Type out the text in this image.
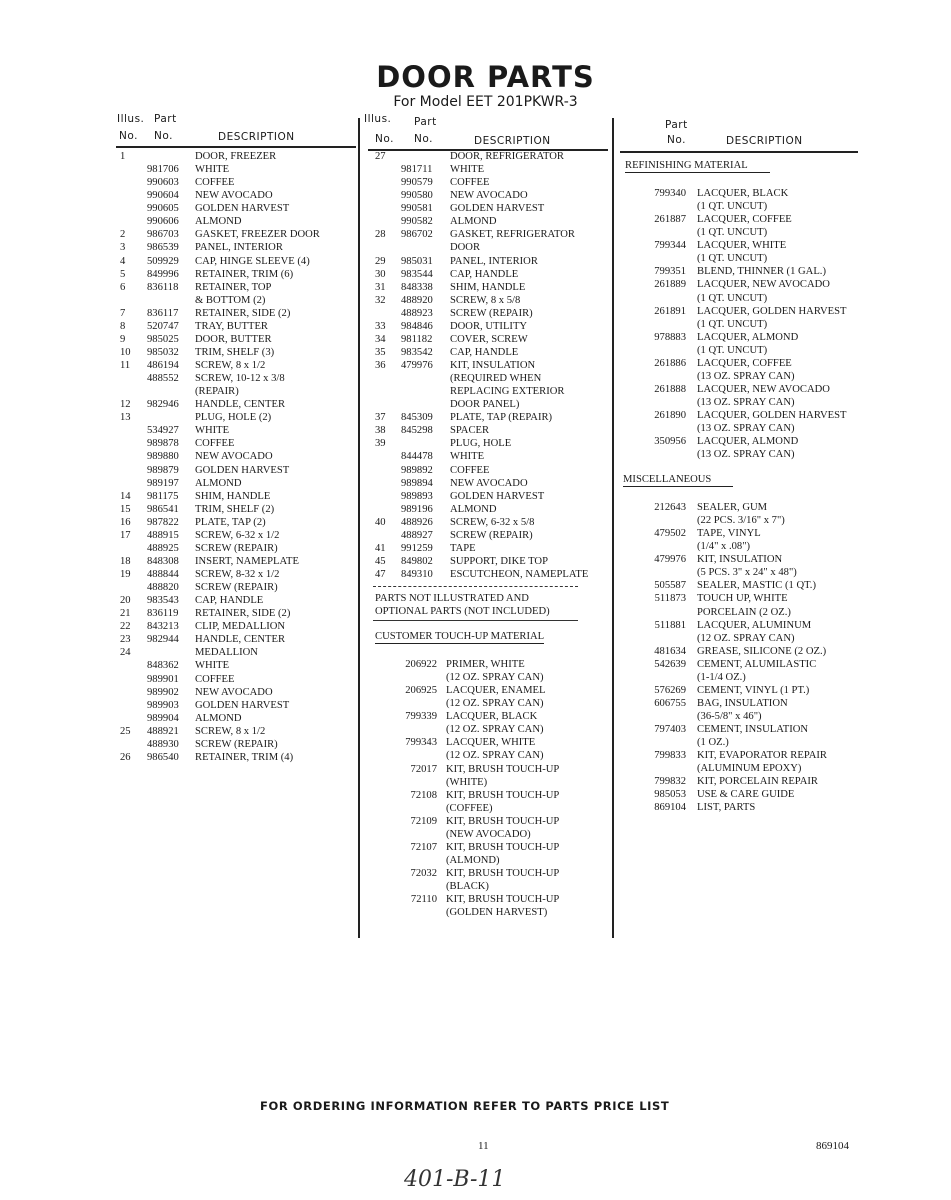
DOOR PARTS
For Model EET 201PKWR-3
Illus. Part
No. No.	DESCRIPTION
Illus. Part
No. No.	DESCRIPTION
Part
No.	DESCRIPTION
1	DOOR, FREEZER
981706 WHITE
990603 COFFEE
990604 NEW AVOCADO
990605 GOLDEN HARVEST
990606 ALMOND
2 986703 GASKET, FREEZER DOOR
3 986539 PANEL, INTERIOR
4 509929 CAP, HINGE SLEEVE (4)
5 849996 RETAINER, TRIM (6)
6 836118 RETAINER, TOP
& BOTTOM (2)
7 836117 RETAINER, SIDE (2)
8 520747 TRAY, BUTTER
9 985025 DOOR, BUTTER
10 985032 TRIM, SHELF (3)
11 486194 SCREW, 8 x 1/2
488552 SCREW, 10-12 x 3/8
(REPAIR)
12 982946 HANDLE, CENTER
13	PLUG, HOLE (2)
534927 WHITE
989878 COFFEE
989880 NEW AVOCADO
989879 GOLDEN HARVEST
989197 ALMOND
14 981175 SHIM, HANDLE
15 986541 TRIM, SHELF (2)
16 987822 PLATE, TAP (2)
17 488915 SCREW, 6-32 x 1/2
488925 SCREW (REPAIR)
18 848308 INSERT, NAMEPLATE
19 488844 SCREW, 8-32 x 1/2
488820 SCREW (REPAIR)
20 983543 CAP, HANDLE
21 836119 RETAINER, SIDE (2)
22 843213 CLIP, MEDALLION
23 982944 HANDLE, CENTER
24	MEDALLION
848362 WHITE
989901 COFFEE
989902 NEW AVOCADO
989903 GOLDEN HARVEST
989904 ALMOND
25 488921 SCREW, 8 x 1/2
488930 SCREW (REPAIR)
26 986540 RETAINER, TRIM (4)
27	DOOR, REFRIGERATOR
981711 WHITE
990579 COFFEE
990580 NEW AVOCADO
990581 GOLDEN HARVEST
990582 ALMOND
28 986702 GASKET, REFRIGERATOR
DOOR
29 985031 PANEL, INTERIOR
30 983544 CAP, HANDLE
31 848338 SHIM, HANDLE
32 488920 SCREW, 8 x 5/8
488923 SCREW (REPAIR)
33 984846 DOOR, UTILITY
34 981182 COVER, SCREW
35 983542 CAP, HANDLE
36 479976 KIT, INSULATION
(REQUIRED WHEN
REPLACING EXTERIOR
DOOR PANEL)
37 845309 PLATE, TAP (REPAIR)
38 845298 SPACER
39	PLUG, HOLE
844478 WHITE
989892 COFFEE
989894 NEW AVOCADO
989893 GOLDEN HARVEST
989196 ALMOND
40 488926 SCREW, 6-32 x 5/8
488927 SCREW (REPAIR)
41 991259 TAPE
45 849802 SUPPORT, DIKE TOP
47 849310 ESCUTCHEON, NAMEPLATE
PARTS NOT ILLUSTRATED AND
OPTIONAL PARTS (NOT INCLUDED)
CUSTOMER TOUCH-UP MATERIAL
206922 PRIMER, WHITE
(12 OZ. SPRAY CAN)
206925 LACQUER, ENAMEL
(12 OZ. SPRAY CAN)
799339 LACQUER, BLACK
(12 OZ. SPRAY CAN)
799343 LACQUER, WHITE
(12 OZ. SPRAY CAN)
72017 KIT, BRUSH TOUCH-UP
(WHITE)
72108 KIT, BRUSH TOUCH-UP
(COFFEE)
72109 KIT, BRUSH TOUCH-UP
(NEW AVOCADO)
72107 KIT, BRUSH TOUCH-UP
(ALMOND)
72032 KIT, BRUSH TOUCH-UP
(BLACK)
72110 KIT, BRUSH TOUCH-UP
(GOLDEN HARVEST)
REFINISHING MATERIAL
799340 LACQUER, BLACK
(1 QT. UNCUT)
261887 LACQUER, COFFEE
(1 QT. UNCUT)
799344 LACQUER, WHITE
(1 QT. UNCUT)
799351 BLEND, THINNER (1 GAL.)
261889 LACQUER, NEW AVOCADO
(1 QT. UNCUT)
261891 LACQUER, GOLDEN HARVEST
(1 QT. UNCUT)
978883 LACQUER, ALMOND
(1 QT. UNCUT)
261886 LACQUER, COFFEE
(13 OZ. SPRAY CAN)
261888 LACQUER, NEW AVOCADO
(13 OZ. SPRAY CAN)
261890 LACQUER, GOLDEN HARVEST
(13 OZ. SPRAY CAN)
350956 LACQUER, ALMOND
(13 OZ. SPRAY CAN)
MISCELLANEOUS
212643 SEALER, GUM
(22 PCS. 3/16" x 7")
479502 TAPE, VINYL
(1/4" x .08")
479976 KIT, INSULATION
(5 PCS. 3" x 24" x 48")
505587 SEALER, MASTIC (1 QT.)
511873 TOUCH UP, WHITE
PORCELAIN (2 OZ.)
511881 LACQUER, ALUMINUM
(12 OZ. SPRAY CAN)
481634 GREASE, SILICONE (2 OZ.)
542639 CEMENT, ALUMILASTIC
(1-1/4 OZ.)
576269 CEMENT, VINYL (1 PT.)
606755 BAG, INSULATION
(36-5/8" x 46")
797403 CEMENT, INSULATION
(1 OZ.)
799833 KIT, EVAPORATOR REPAIR
(ALUMINUM EPOXY)
799832 KIT, PORCELAIN REPAIR
985053 USE & CARE GUIDE
869104 LIST, PARTS
FOR ORDERING INFORMATION REFER TO PARTS PRICE LIST
11	869104
401-B-11
